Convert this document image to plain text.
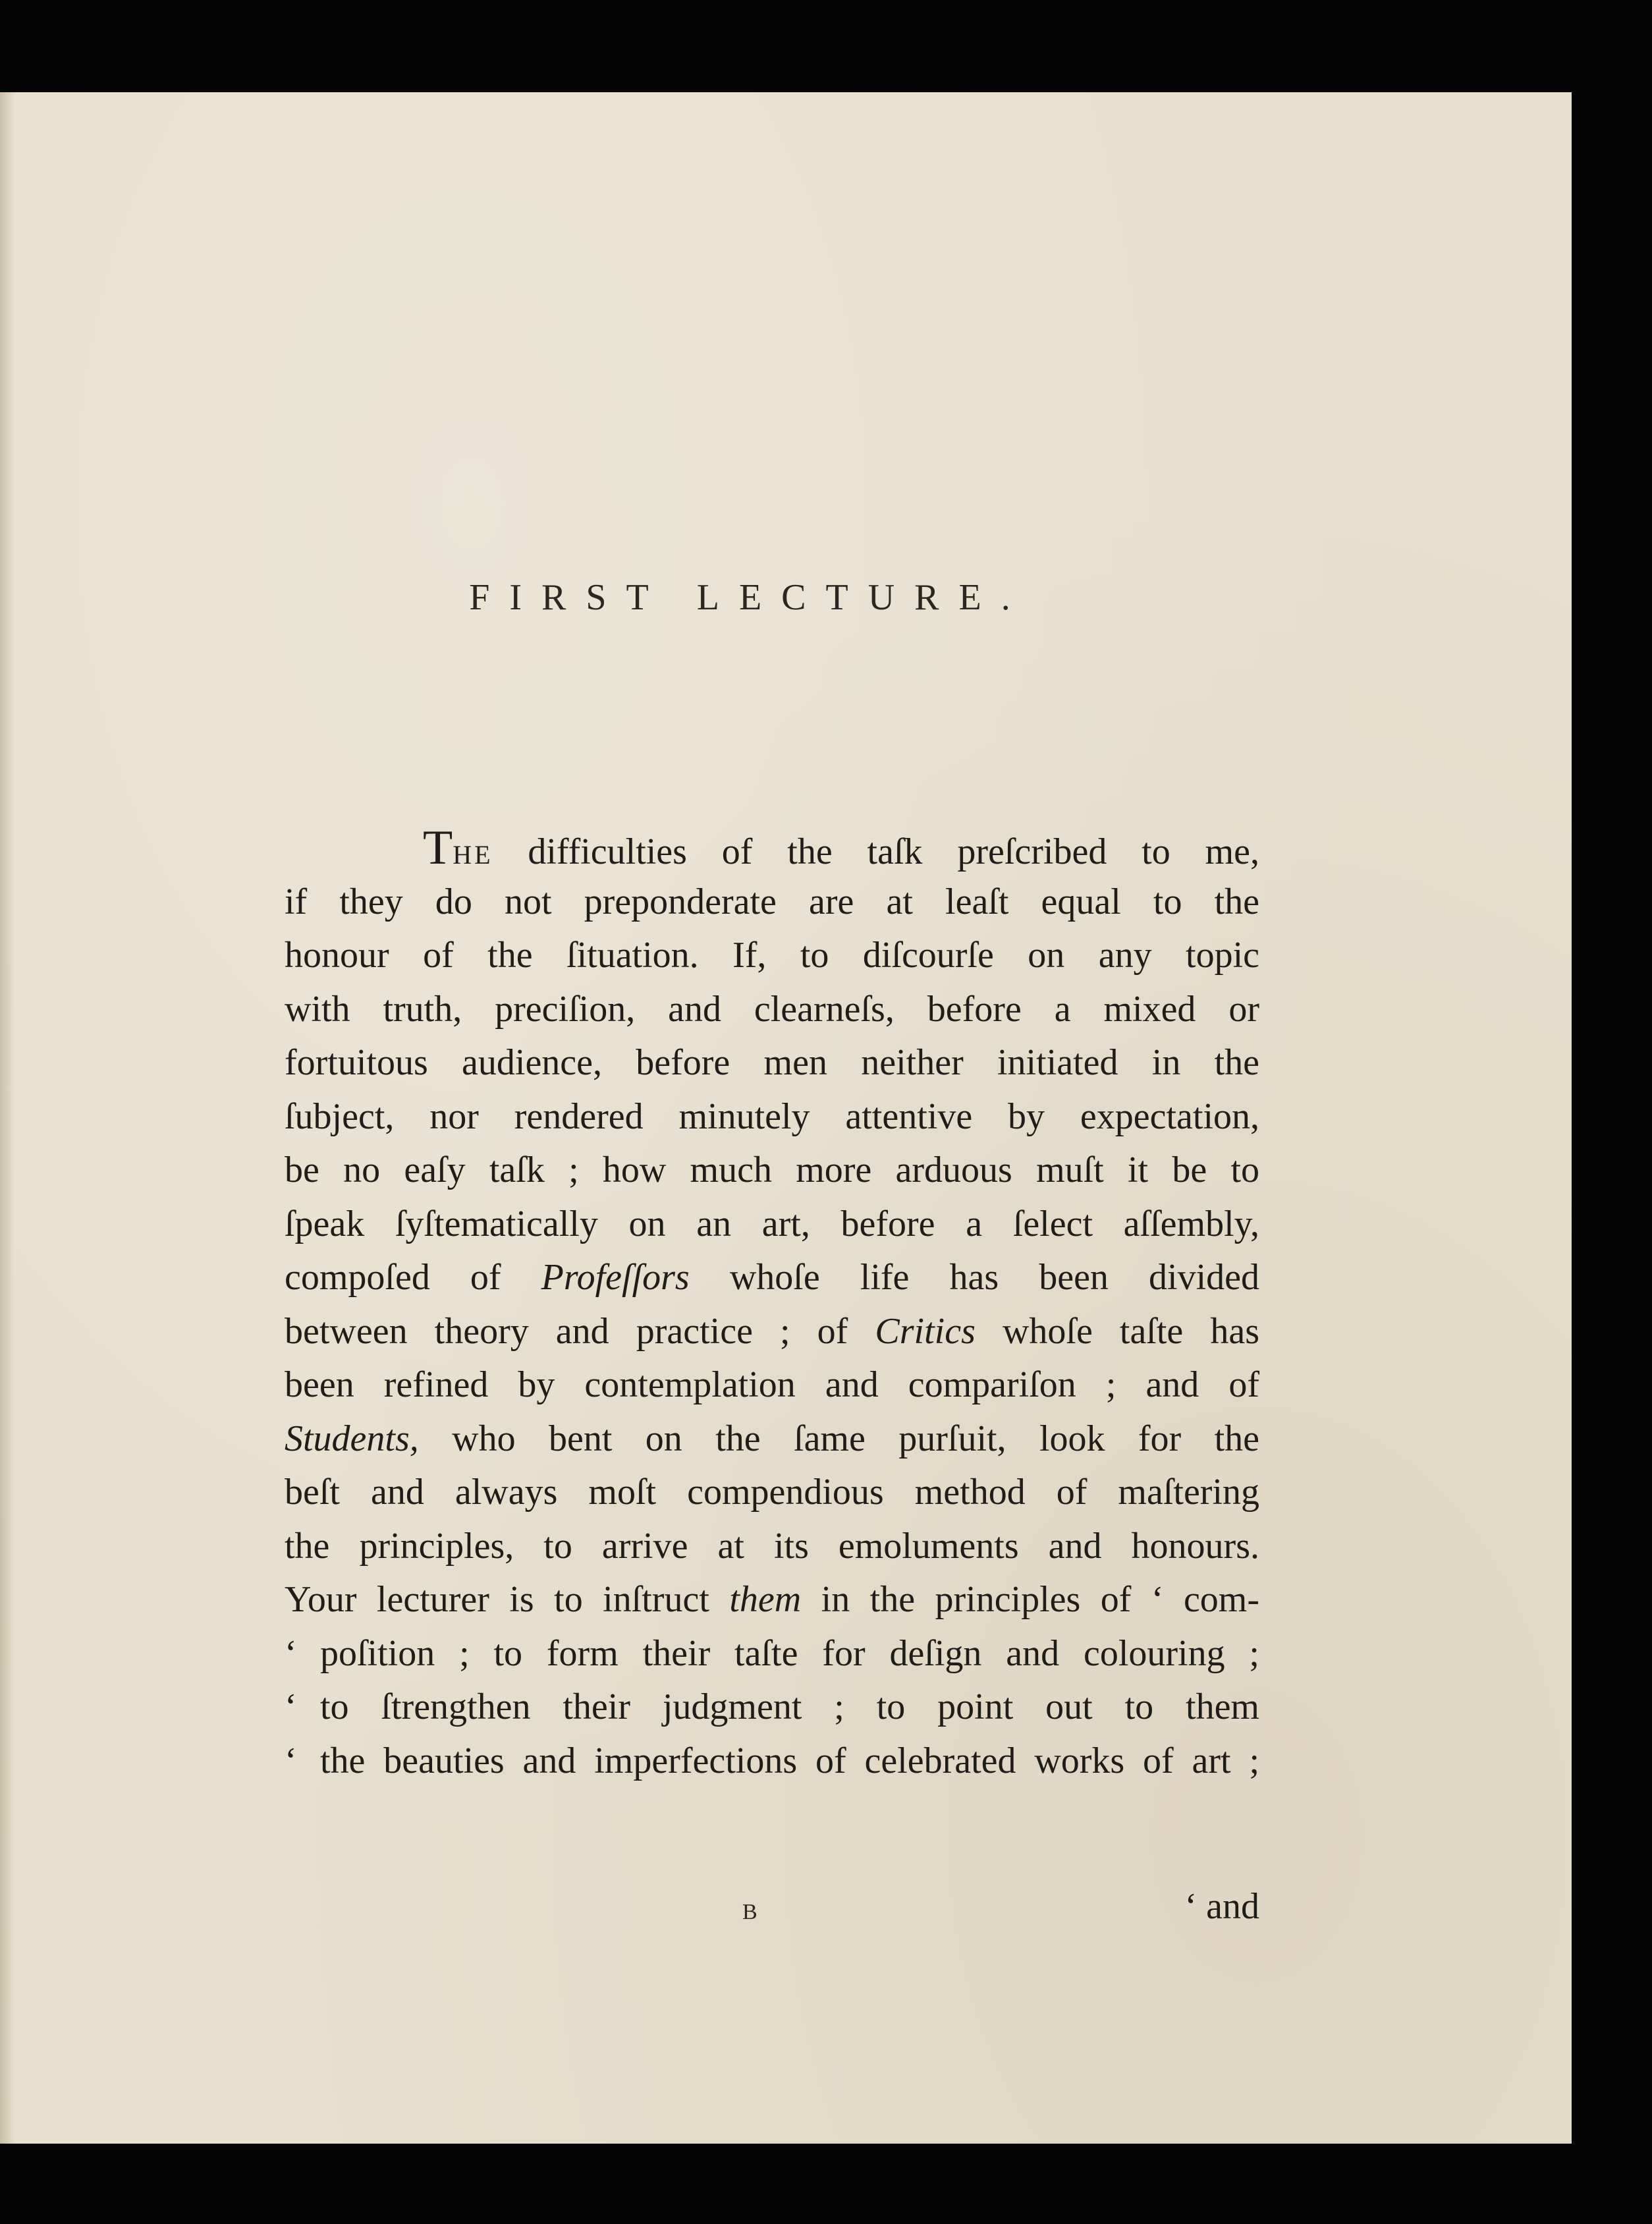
FIRST LECTURE.
THE difficulties of the taſk preſcribed to me,
if they do not preponderate are at leaſt equal to the
honour of the ſituation. If, to diſcourſe on any topic
with truth, preciſion, and clearneſs, before a mixed or
fortuitous audience, before men neither initiated in the
ſubject, nor rendered minutely attentive by expectation,
be no eaſy taſk ; how much more arduous muſt it be to
ſpeak ſyſtematically on an art, before a ſelect aſſembly,
compoſed of Profeſſors whoſe life has been divided
between theory and practice ; of Critics whoſe taſte has
been refined by contemplation and compariſon ; and of
Students, who bent on the ſame purſuit, look for the
beſt and always moſt compendious method of maſtering
the principles, to arrive at its emoluments and honours.
Your lecturer is to inſtruct them in the principles of ‘ com-
‘ poſition ; to form their taſte for deſign and colouring ;
‘ to ſtrengthen their judgment ; to point out to them
‘ the beauties and imperfections of celebrated works of art ;
B	‘ and
